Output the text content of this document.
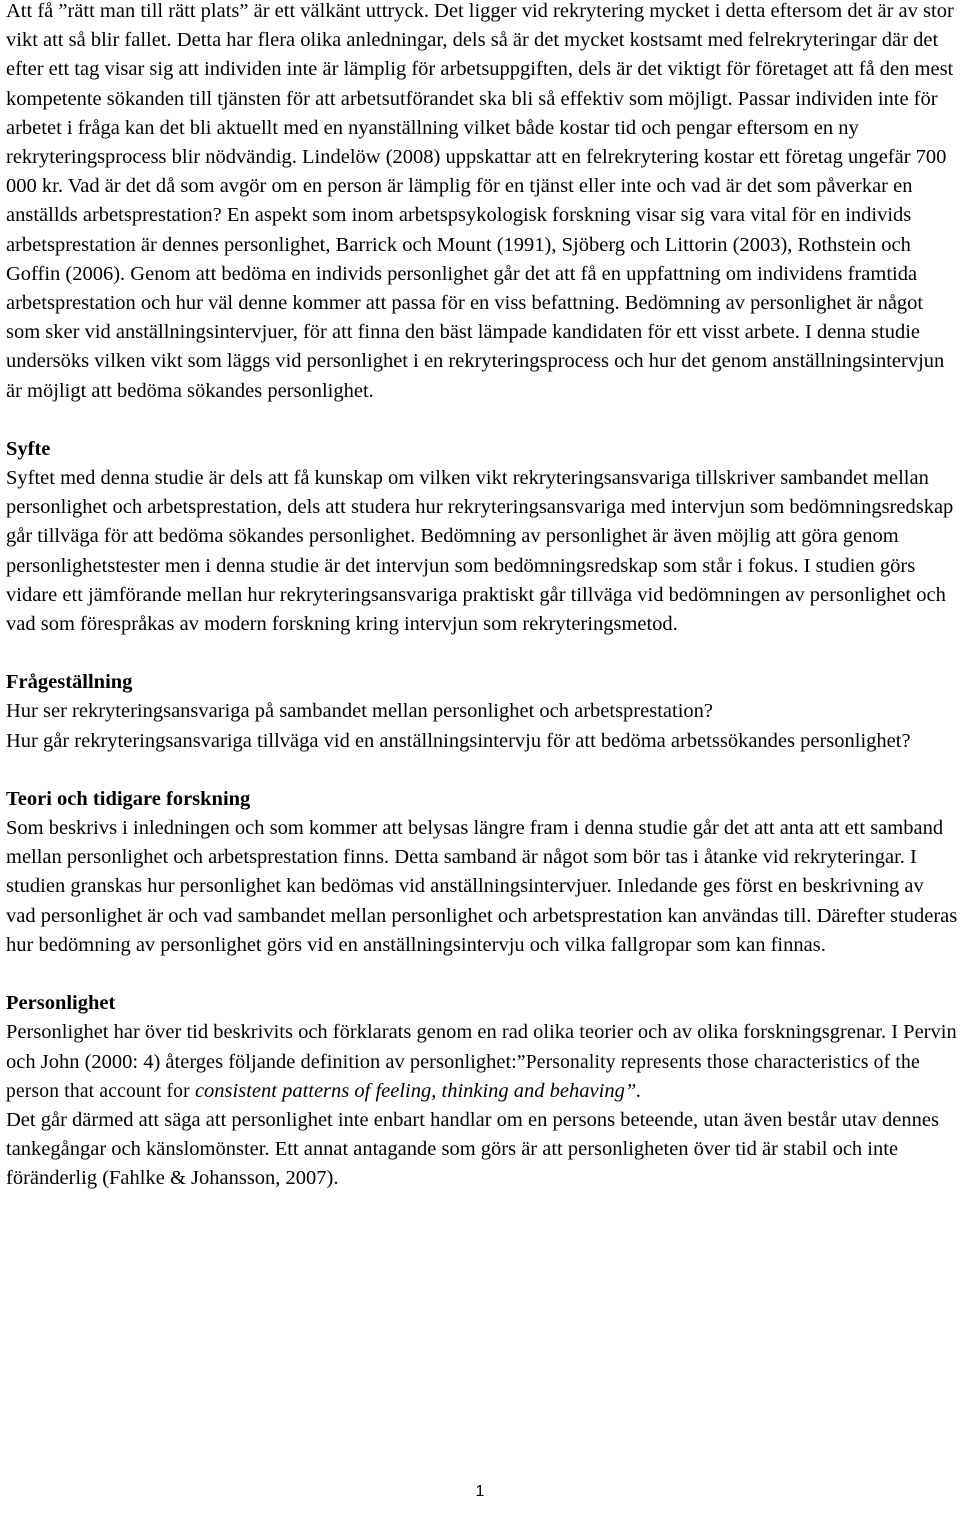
Att få ”rätt man till rätt plats” är ett välkänt uttryck. Det ligger vid rekrytering mycket i detta eftersom det är av stor vikt att så blir fallet. Detta har flera olika anledningar, dels så är det mycket kostsamt med felrekryteringar där det efter ett tag visar sig att individen inte är lämplig för arbetsuppgiften, dels är det viktigt för företaget att få den mest kompetente sökanden till tjänsten för att arbetsutförandet ska bli så effektiv som möjligt. Passar individen inte för arbetet i fråga kan det bli aktuellt med en nyanställning vilket både kostar tid och pengar eftersom en ny rekryteringsprocess blir nödvändig. Lindelöw (2008) uppskattar att en felrekrytering kostar ett företag ungefär 700 000 kr. Vad är det då som avgör om en person är lämplig för en tjänst eller inte och vad är det som påverkar en anställds arbetsprestation? En aspekt som inom arbetspsykologisk forskning visar sig vara vital för en individs arbetsprestation är dennes personlighet, Barrick och Mount (1991), Sjöberg och Littorin (2003), Rothstein och Goffin (2006). Genom att bedöma en individs personlighet går det att få en uppfattning om individens framtida arbetsprestation och hur väl denne kommer att passa för en viss befattning. Bedömning av personlighet är något som sker vid anställningsintervjuer, för att finna den bäst lämpade kandidaten för ett visst arbete. I denna studie undersöks vilken vikt som läggs vid personlighet i en rekryteringsprocess och hur det genom anställningsintervjun är möjligt att bedöma sökandes personlighet.

Syfte

Syftet med denna studie är dels att få kunskap om vilken vikt rekryteringsansvariga tillskriver sambandet mellan personlighet och arbetsprestation, dels att studera hur rekryteringsansvariga med intervjun som bedömningsredskap går tillväga för att bedöma sökandes personlighet. Bedömning av personlighet är även möjlig att göra genom personlighetstester men i denna studie är det intervjun som bedömningsredskap som står i fokus. I studien görs vidare ett jämförande mellan hur rekryteringsansvariga praktiskt går tillväga vid bedömningen av personlighet och vad som förespråkas av modern forskning kring intervjun som rekryteringsmetod.

Frågeställning

Hur ser rekryteringsansvariga på sambandet mellan personlighet och arbetsprestation?

Hur går rekryteringsansvariga tillväga vid en anställningsintervju för att bedöma arbetssökandes personlighet?

Teori och tidigare forskning

Som beskrivs i inledningen och som kommer att belysas längre fram i denna studie går det att anta att ett samband mellan personlighet och arbetsprestation finns. Detta samband är något som bör tas i åtanke vid rekryteringar. I studien granskas hur personlighet kan bedömas vid anställningsintervjuer. Inledande ges först en beskrivning av vad personlighet är och vad sambandet mellan personlighet och arbetsprestation kan användas till. Därefter studeras hur bedömning av personlighet görs vid en anställningsintervju och vilka fallgropar som kan finnas.

Personlighet

Personlighet har över tid beskrivits och förklarats genom en rad olika teorier och av olika forskningsgrenar. I Pervin och John (2000: 4) återges följande definition av personlighet:”Personality represents those characteristics of the person that account for consistent patterns of feeling, thinking and behaving”.

Det går därmed att säga att personlighet inte enbart handlar om en persons beteende, utan även består utav dennes tankegångar och känslomönster. Ett annat antagande som görs är att personligheten över tid är stabil och inte föränderlig (Fahlke & Johansson, 2007).

1
